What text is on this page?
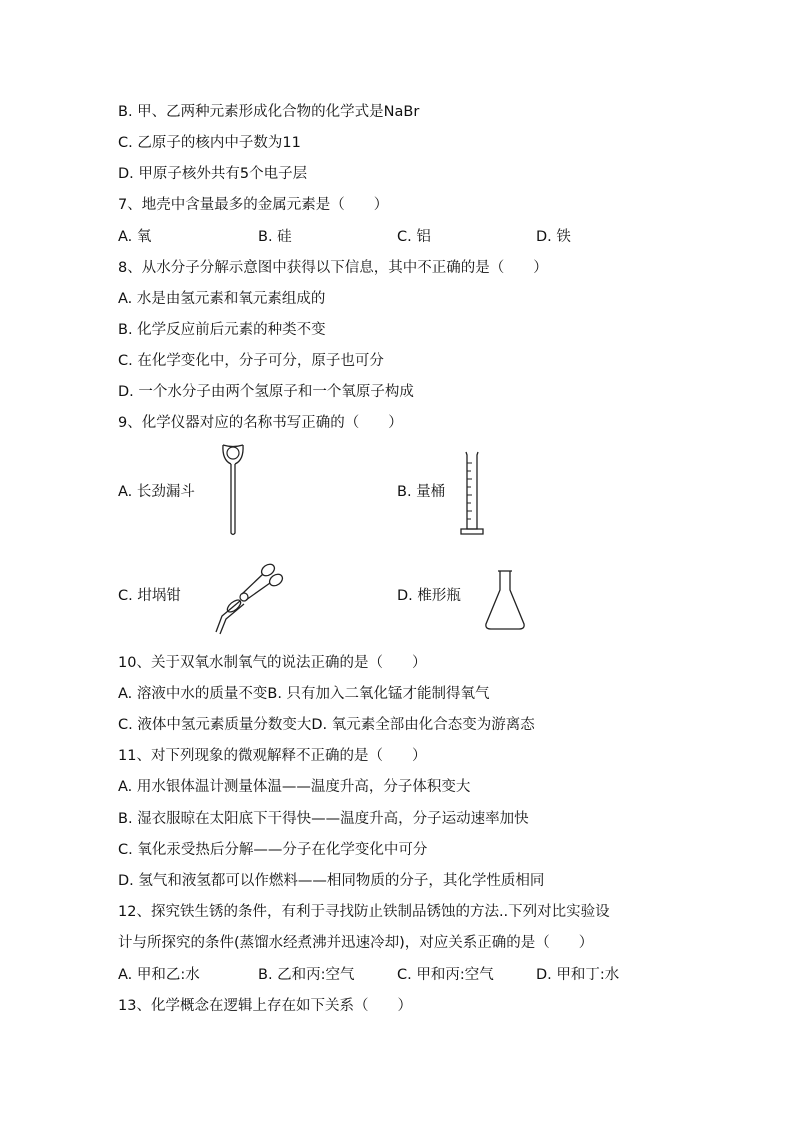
B. 甲、乙两种元素形成化合物的化学式是NaBr
C. 乙原子的核内中子数为11
D. 甲原子核外共有5个电子层
7、地壳中含量最多的金属元素是（　　）
A. 氧	B. 硅	C. 铝	D. 铁
8、从水分子分解示意图中获得以下信息，其中不正确的是（　　）
A. 水是由氢元素和氧元素组成的
B. 化学反应前后元素的种类不变
C. 在化学变化中，分子可分，原子也可分
D. 一个水分子由两个氢原子和一个氧原子构成
9、化学仪器对应的名称书写正确的（　　）
A. 长劲漏斗	B. 量桶
C. 坩埚钳	D. 椎形瓶
10、关于双氧水制氧气的说法正确的是（　　）
A. 溶液中水的质量不变B. 只有加入二氧化锰才能制得氧气
C. 液体中氢元素质量分数变大D. 氧元素全部由化合态变为游离态
11、对下列现象的微观解释不正确的是（　　）
A. 用水银体温计测量体温——温度升高，分子体积变大
B. 湿衣服晾在太阳底下干得快——温度升高，分子运动速率加快
C. 氧化汞受热后分解——分子在化学变化中可分
D. 氢气和液氢都可以作燃料——相同物质的分子，其化学性质相同
12、探究铁生锈的条件，有利于寻找防止铁制品锈蚀的方法..下列对比实验设
计与所探究的条件(蒸馏水经煮沸并迅速冷却)，对应关系正确的是（　　）
A. 甲和乙:水	B. 乙和丙:空气	C. 甲和丙:空气	D. 甲和丁:水
13、化学概念在逻辑上存在如下关系（　　）
